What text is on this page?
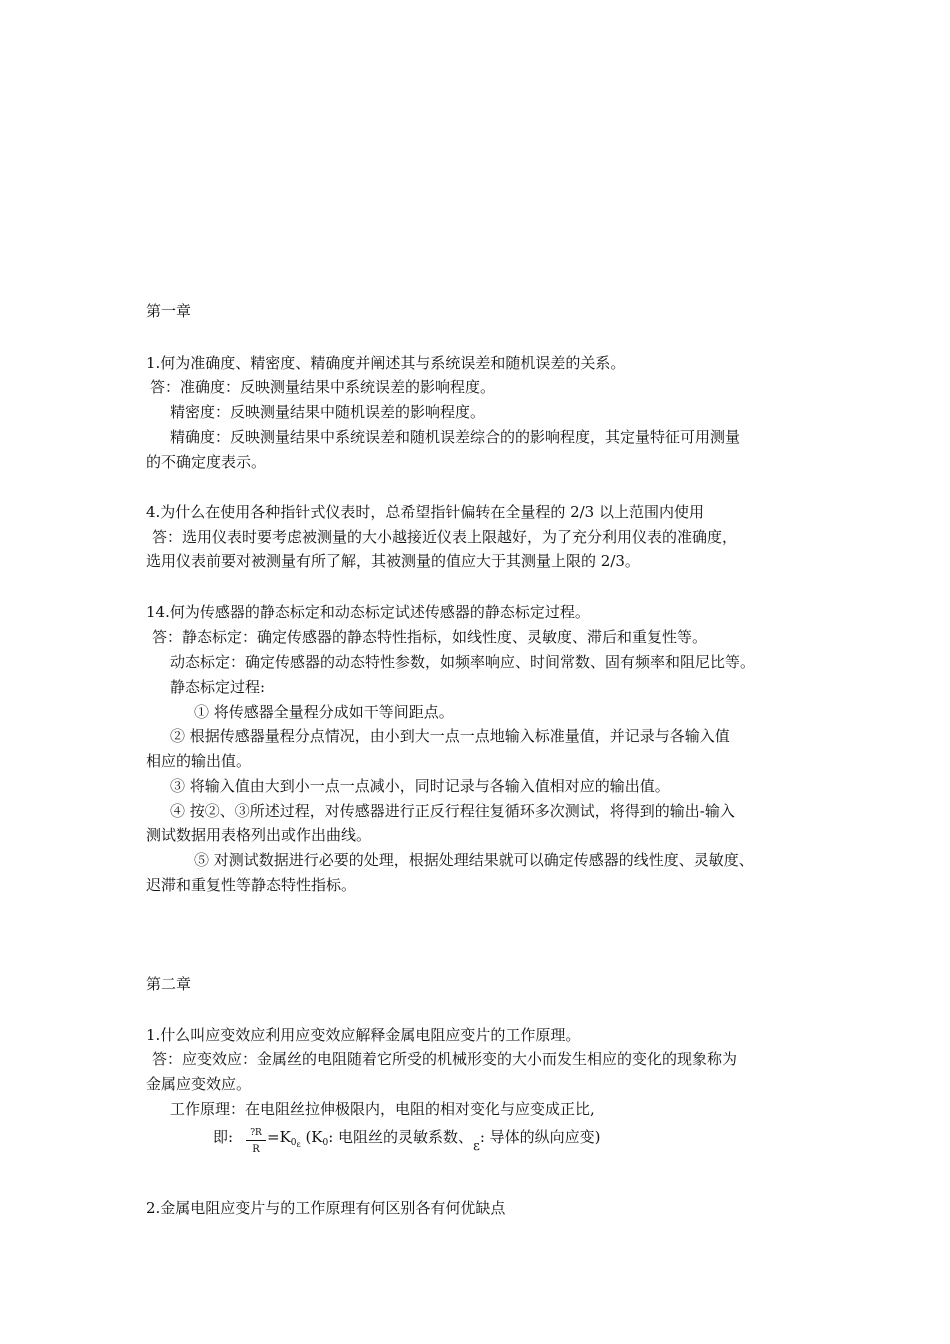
第一章
1.何为准确度、精密度、精确度并阐述其与系统误差和随机误差的关系。
答：准确度：反映测量结果中系统误差的影响程度。
精密度：反映测量结果中随机误差的影响程度。
精确度：反映测量结果中系统误差和随机误差综合的的影响程度，其定量特征可用测量
的不确定度表示。
4.为什么在使用各种指针式仪表时，总希望指针偏转在全量程的 2/3 以上范围内使用
答：选用仪表时要考虑被测量的大小越接近仪表上限越好，为了充分利用仪表的准确度，
选用仪表前要对被测量有所了解，其被测量的值应大于其测量上限的 2/3。
14.何为传感器的静态标定和动态标定试述传感器的静态标定过程。
答：静态标定：确定传感器的静态特性指标，如线性度、灵敏度、滞后和重复性等。
动态标定：确定传感器的动态特性参数，如频率响应、时间常数、固有频率和阻尼比等。
静态标定过程:
① 将传感器全量程分成如干等间距点。
② 根据传感器量程分点情况，由小到大一点一点地输入标准量值，并记录与各输入值
相应的输出值。
③ 将输入值由大到小一点一点减小，同时记录与各输入值相对应的输出值。
④ 按②、③所述过程，对传感器进行正反行程往复循环多次测试，将得到的输出-输入
测试数据用表格列出或作出曲线。
⑤ 对测试数据进行必要的处理，根据处理结果就可以确定传感器的线性度、灵敏度、
迟滞和重复性等静态特性指标。
第二章
1.什么叫应变效应利用应变效应解释金属电阻应变片的工作原理。
答：应变效应：金属丝的电阻随着它所受的机械形变的大小而发生相应的变化的现象称为
金属应变效应。
工作原理：在电阻丝拉伸极限内，电阻的相对变化与应变成正比,
即: $\frac{?R}{R} =K_{0\varepsilon}$ ($K_0$: 电阻丝的灵敏系数、ε: 导体的纵向应变)
2.金属电阻应变片与的工作原理有何区别各有何优缺点
